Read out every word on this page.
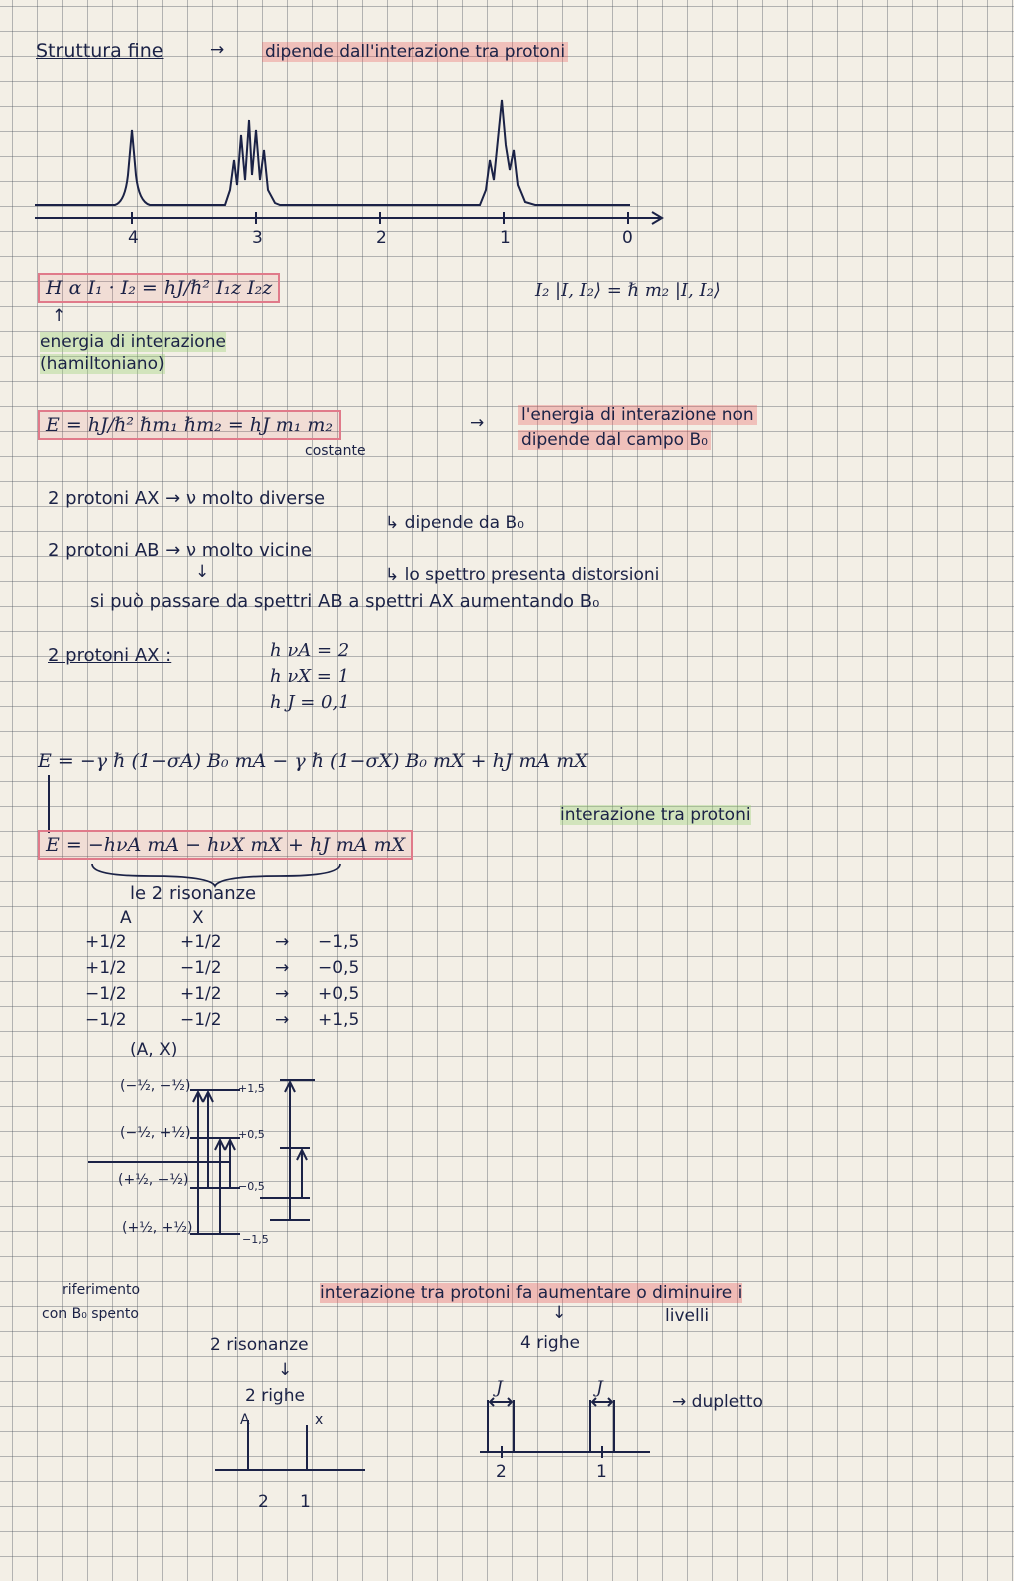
Struttura fine	→ dipende dall'interazione tra protoni
4	3	2	1	0
H α I₁ · I₂ = hJ/ℏ² I₁z I₂z	I₂ |I, I₂⟩ = ℏ m₂ |I, I₂⟩
↑
energia di interazione
(hamiltoniano)
E = hJ/ℏ² ℏm₁ ℏm₂ = hJ m₁ m₂
costante
→ l'energia di interazione non
dipende dal campo B₀
2 protoni AX → ν molto diverse
↳ dipende da B₀
2 protoni AB → ν molto vicine
↓	↳ lo spettro presenta distorsioni
si può passare da spettri AB a spettri AX aumentando B₀
2 protoni AX :	h νA = 2
h νX = 1
h J = 0,1
E = −γ ℏ (1−σA) B₀ mA − γ ℏ (1−σX) B₀ mX + hJ mA mX
interazione tra protoni
E = −hνA mA − hνX mX + hJ mA mX
le 2 risonanze
A	X
+1/2	+1/2	→ −1,5
+1/2	−1/2	→ −0,5
−1/2	+1/2	→ +0,5
−1/2	−1/2	→ +1,5
(A, X)
(−½, −½)
(−½, +½)
(+½, −½)
(+½, +½)
+1,5
+0,5
−0,5
−1,5
riferimento
con B₀ spento
interazione tra protoni fa aumentare o diminuire i
livelli
↓
↓
2 risonanze	4 righe
2 righe
A	x
2 1
J	J
2	1
→ dupletto
